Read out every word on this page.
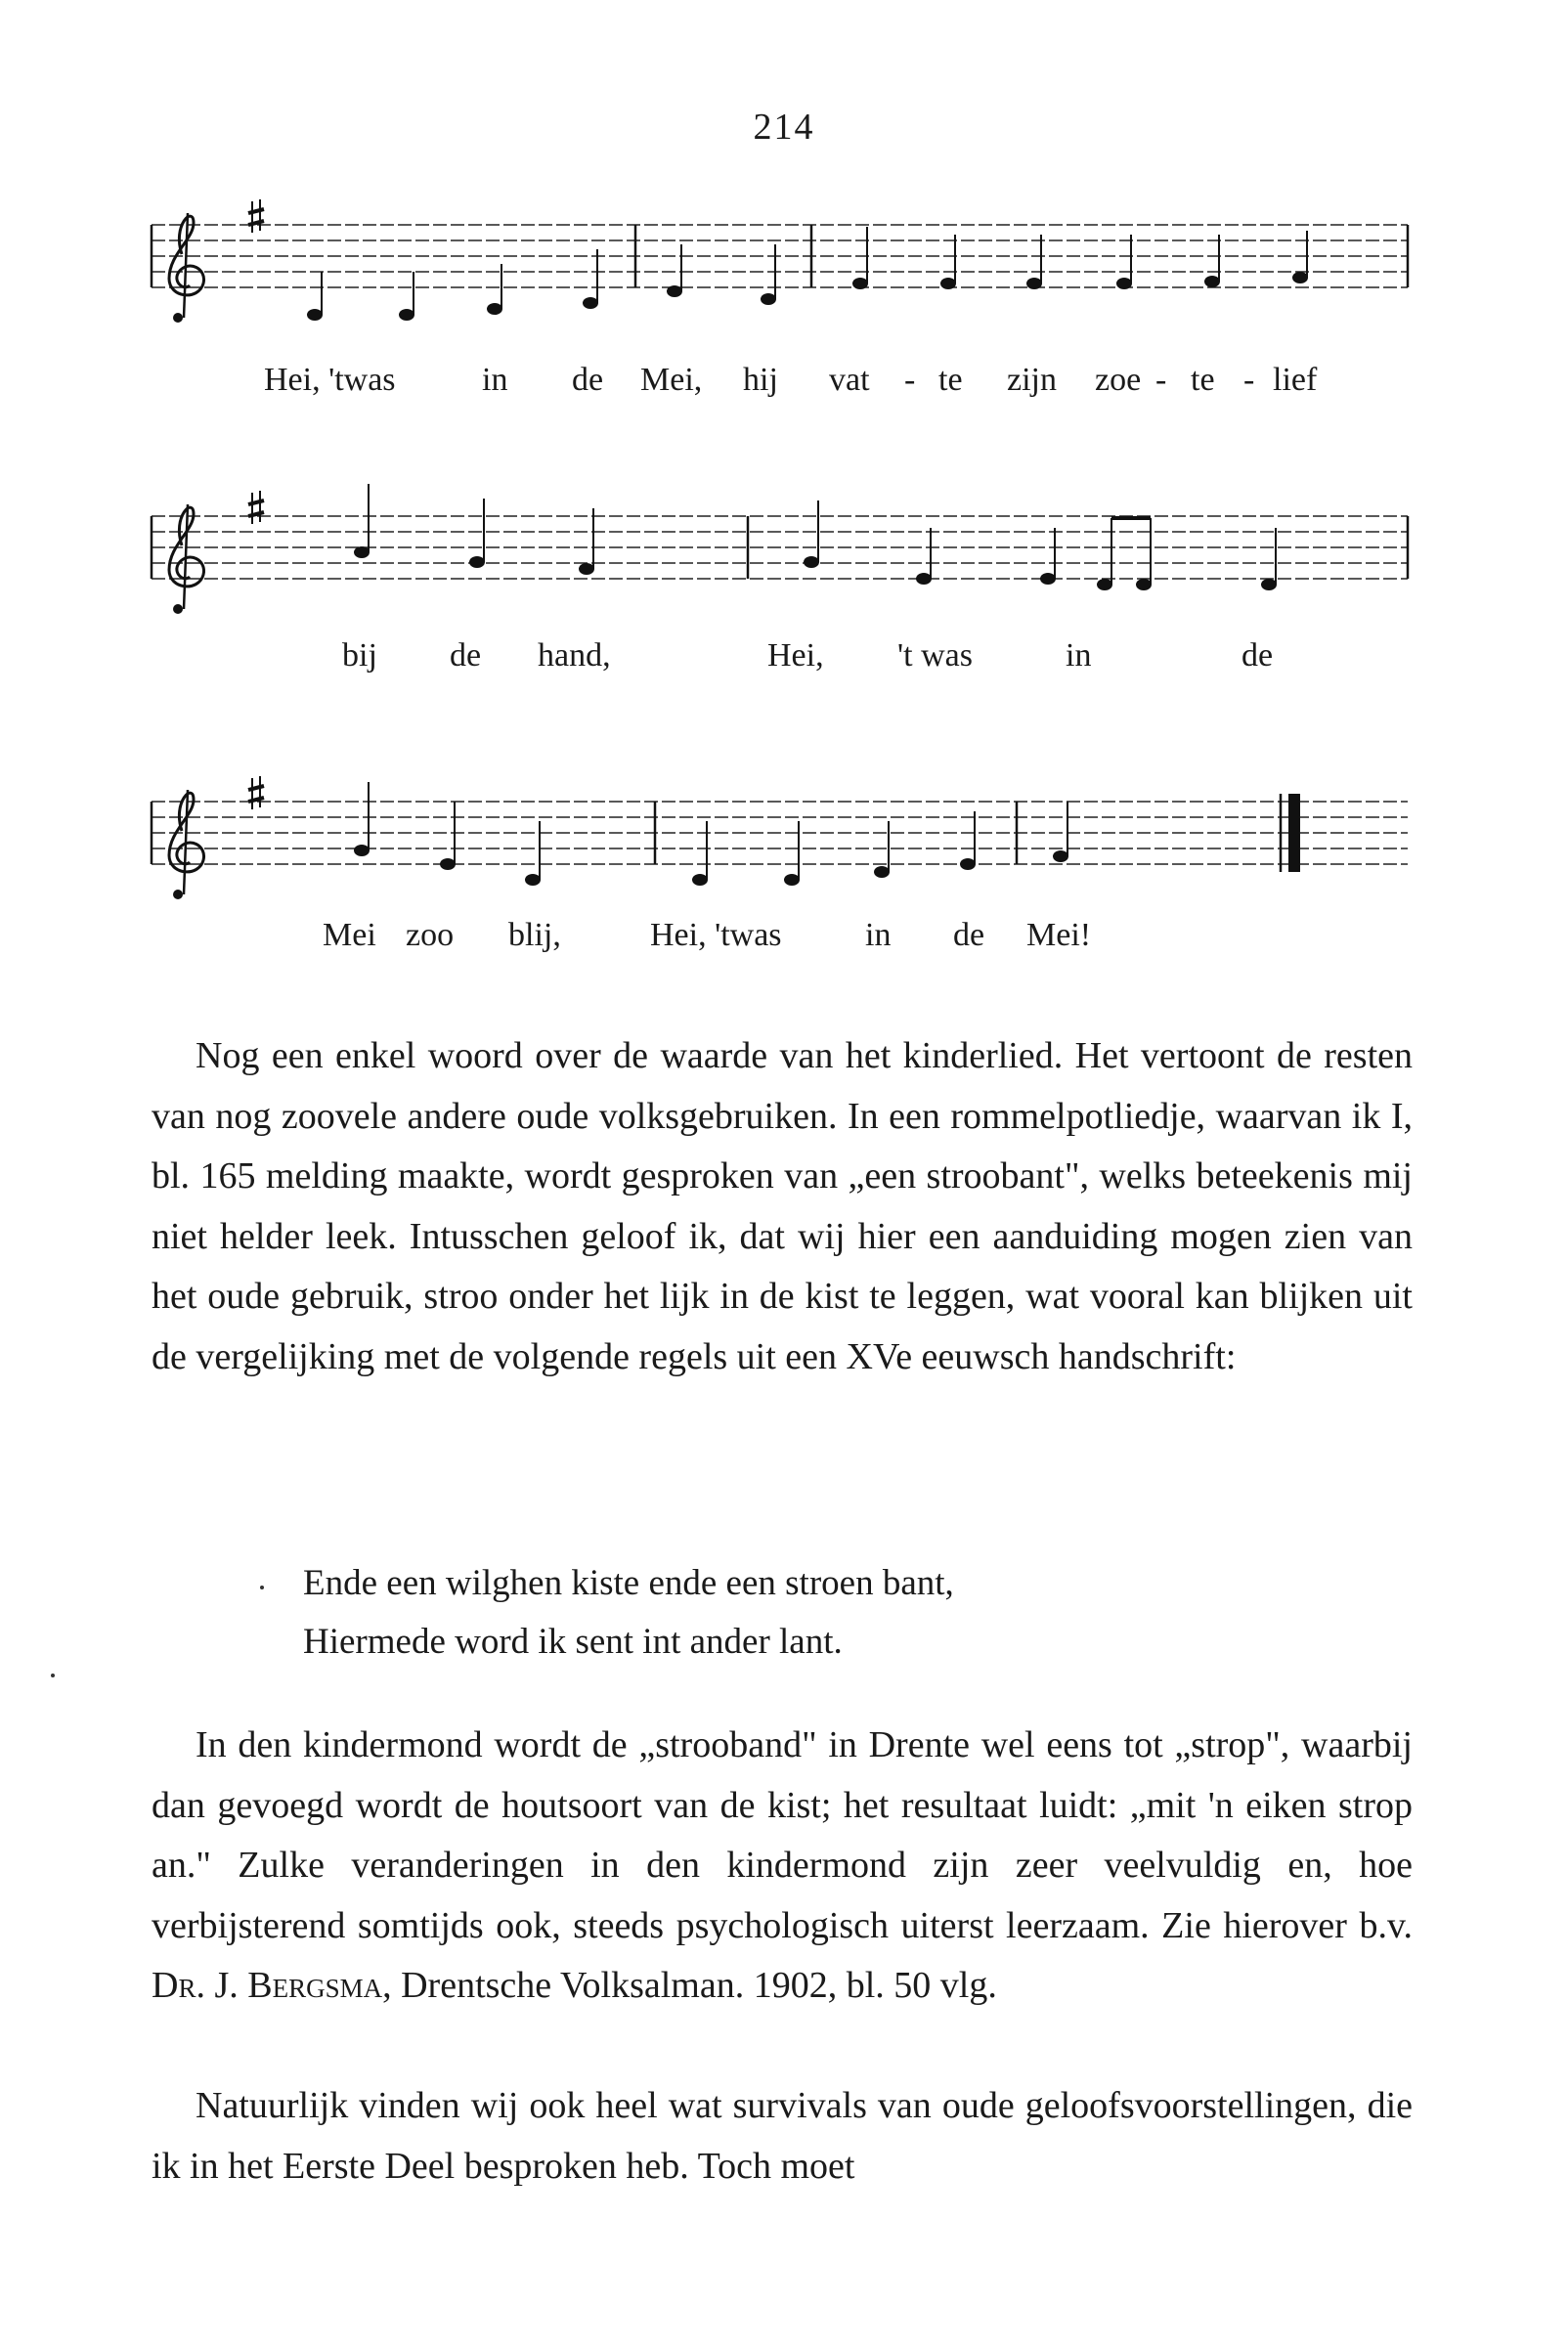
214
Hei, 'twas	in de Mei, hij vat - te zijn zoe - te - lief
bij de hand,	Hei, 't was	in	de
Mei zoo blij,	Hei, 'twas	in de Mei!

Nog een enkel woord over de waarde van het kinderlied. Het vertoont de resten van nog zoovele andere oude volksgebruiken. In een rommelpotliedje, waarvan ik I, bl. 165 melding maakte, wordt gesproken van „een stroobant", welks beteekenis mij niet helder leek. Intusschen geloof ik, dat wij hier een aanduiding mogen zien van het oude gebruik, stroo onder het lijk in de kist te leggen, wat vooral kan blijken uit de vergelijking met de volgende regels uit een XVe eeuwsch handschrift:

Ende een wilghen kiste ende een stroen bant,
Hiermede word ik sent int ander lant.

In den kindermond wordt de „strooband" in Drente wel eens tot „strop", waarbij dan gevoegd wordt de houtsoort van de kist; het resultaat luidt: „mit 'n eiken strop an." Zulke veranderingen in den kindermond zijn zeer veelvuldig en, hoe verbijsterend somtijds ook, steeds psychologisch uiterst leerzaam. Zie hierover b.v. Dr. J. Bergsma, Drentsche Volksalman. 1902, bl. 50 vlg.

Natuurlijk vinden wij ook heel wat survivals van oude geloofsvoorstellingen, die ik in het Eerste Deel besproken heb. Toch moet
